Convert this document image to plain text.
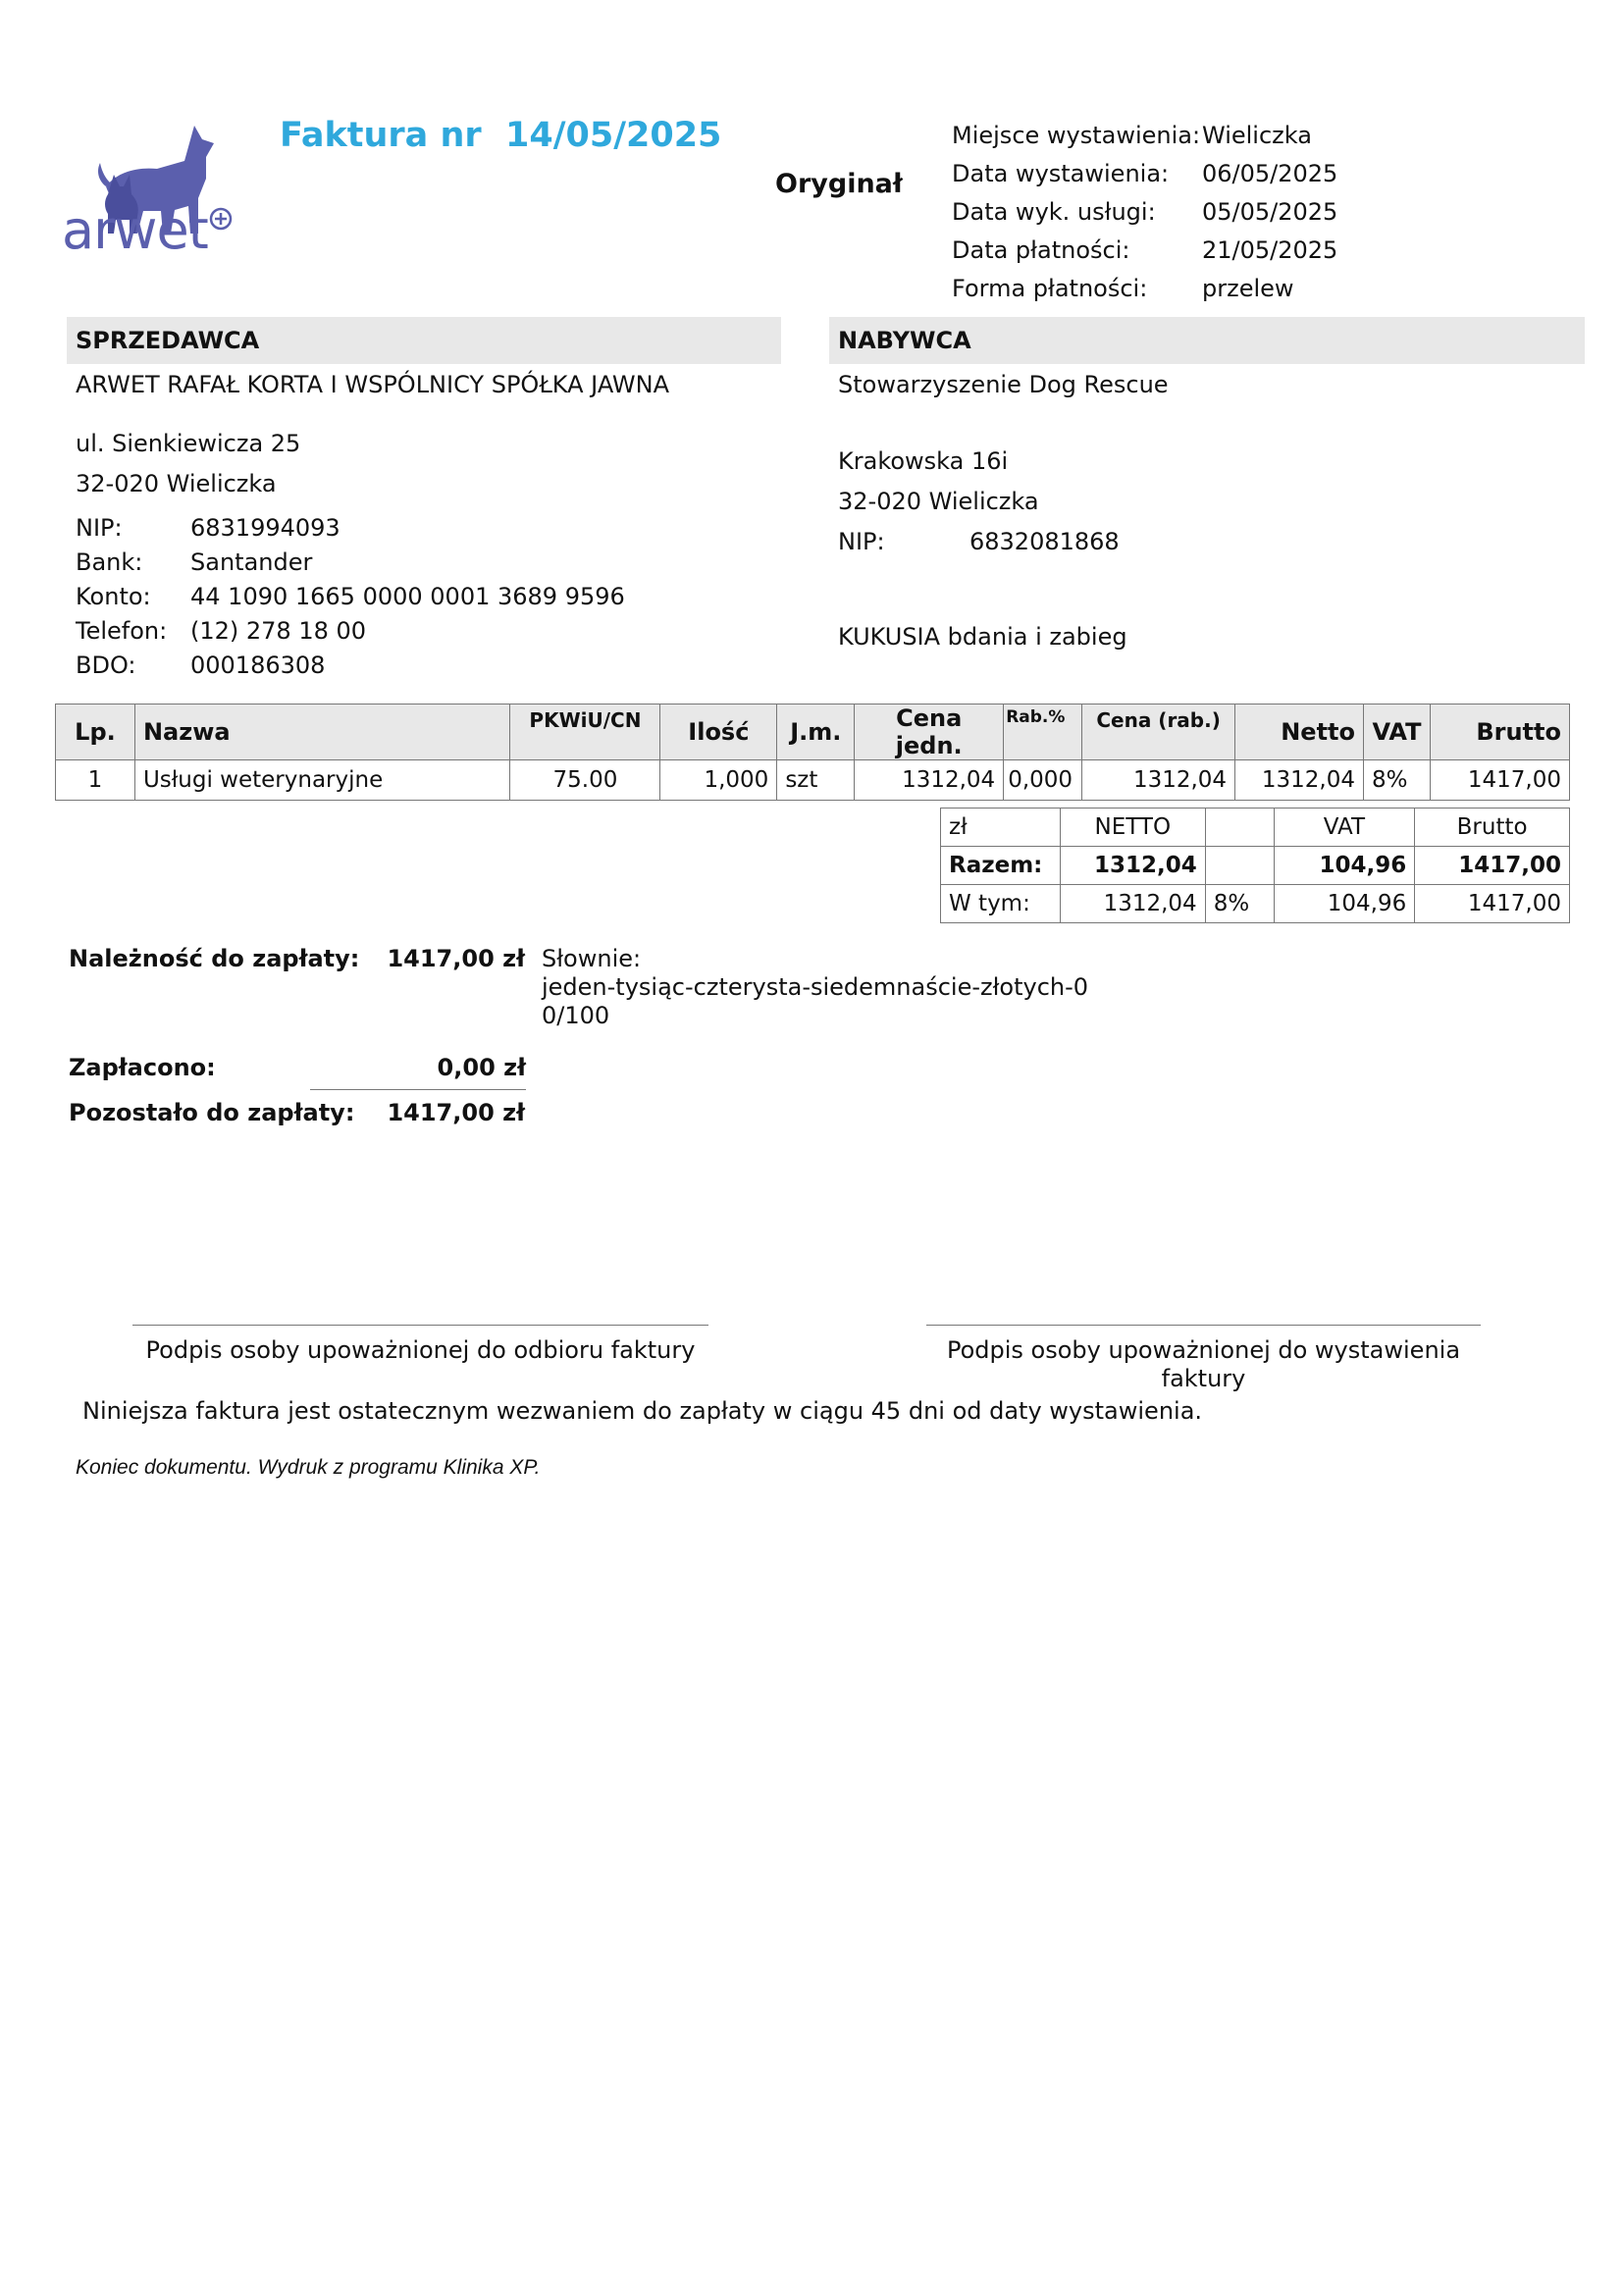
arwet
Faktura nr  14/05/2025
Oryginał
Miejsce wystawienia: Wieliczka
Data wystawienia:	06/05/2025
Data wyk. usługi:	05/05/2025
Data płatności:	21/05/2025
Forma płatności:	przelew
SPRZEDAWCA
ARWET RAFAŁ KORTA I WSPÓLNICY SPÓŁKA JAWNA
ul. Sienkiewicza 25
32-020 Wieliczka
NIP:	6831994093
Bank:	Santander
Konto:	44 1090 1665 0000 0001 3689 9596
Telefon: (12) 278 18 00
BDO:	000186308
NABYWCA
Stowarzyszenie Dog Rescue
Krakowska 16i
32-020 Wieliczka
NIP:	6832081868
KUKUSIA bdania i zabieg
Lp.	Nazwa	PKWiU/CN	Ilość	J.m.	Cena jedn.	Rab.%	Cena (rab.)	Netto	VAT	Brutto
1	Usługi weterynaryjne	75.00	1,000	szt	1312,04	0,000	1312,04	1312,04	8%	1417,00
zł	NETTO		VAT	Brutto
Razem:	1312,04		104,96	1417,00
W tym:	1312,04	8%	104,96	1417,00
Należność do zapłaty:	1417,00 zł Słownie:
jeden-tysiąc-czterysta-siedemnaście-złotych-0
0/100
Zapłacono:	0,00 zł
Pozostało do zapłaty:	1417,00 zł
Podpis osoby upoważnionej do odbioru faktury	Podpis osoby upoważnionej do wystawienia
faktury
Niniejsza faktura jest ostatecznym wezwaniem do zapłaty w ciągu 45 dni od daty wystawienia.
Koniec dokumentu. Wydruk z programu Klinika XP.
